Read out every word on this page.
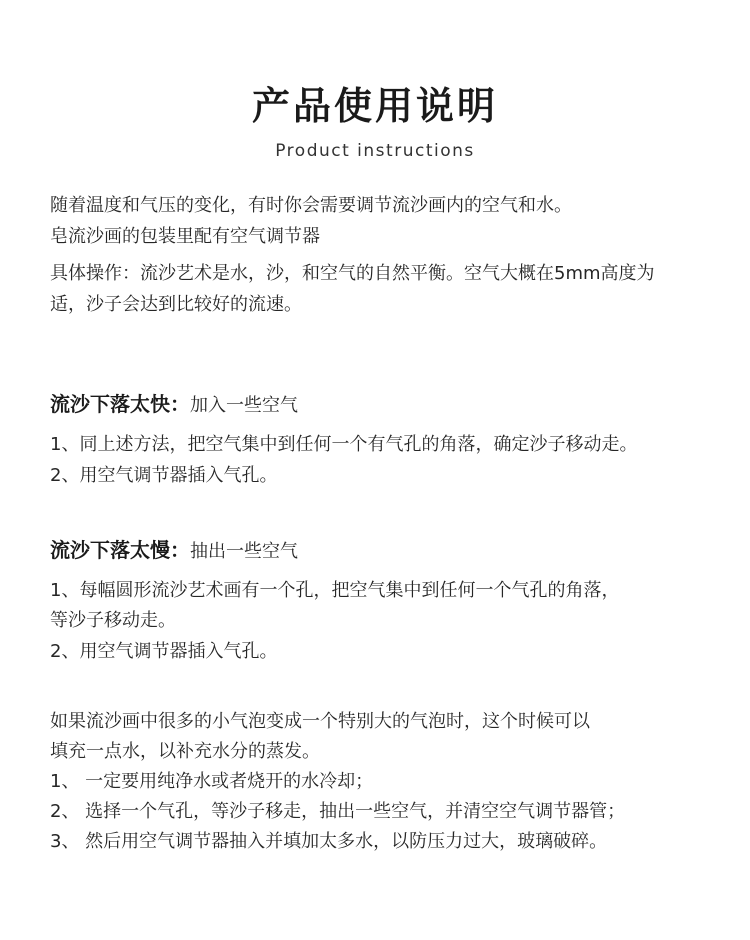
产品使用说明
Product instructions
随着温度和气压的变化，有时你会需要调节流沙画内的空气和水。
皂流沙画的包装里配有空气调节器
具体操作：流沙艺术是水，沙，和空气的自然平衡。空气大概在5mm高度为
适，沙子会达到比较好的流速。
流沙下落太快：加入一些空气
1、同上述方法，把空气集中到任何一个有气孔的角落，确定沙子移动走。
2、用空气调节器插入气孔。
流沙下落太慢：抽出一些空气
1、每幅圆形流沙艺术画有一个孔，把空气集中到任何一个气孔的角落，
等沙子移动走。
2、用空气调节器插入气孔。
如果流沙画中很多的小气泡变成一个特别大的气泡时，这个时候可以
填充一点水，以补充水分的蒸发。
1、 一定要用纯净水或者烧开的水冷却；
2、 选择一个气孔，等沙子移走，抽出一些空气，并清空空气调节器管；
3、 然后用空气调节器抽入并填加太多水，以防压力过大，玻璃破碎。
